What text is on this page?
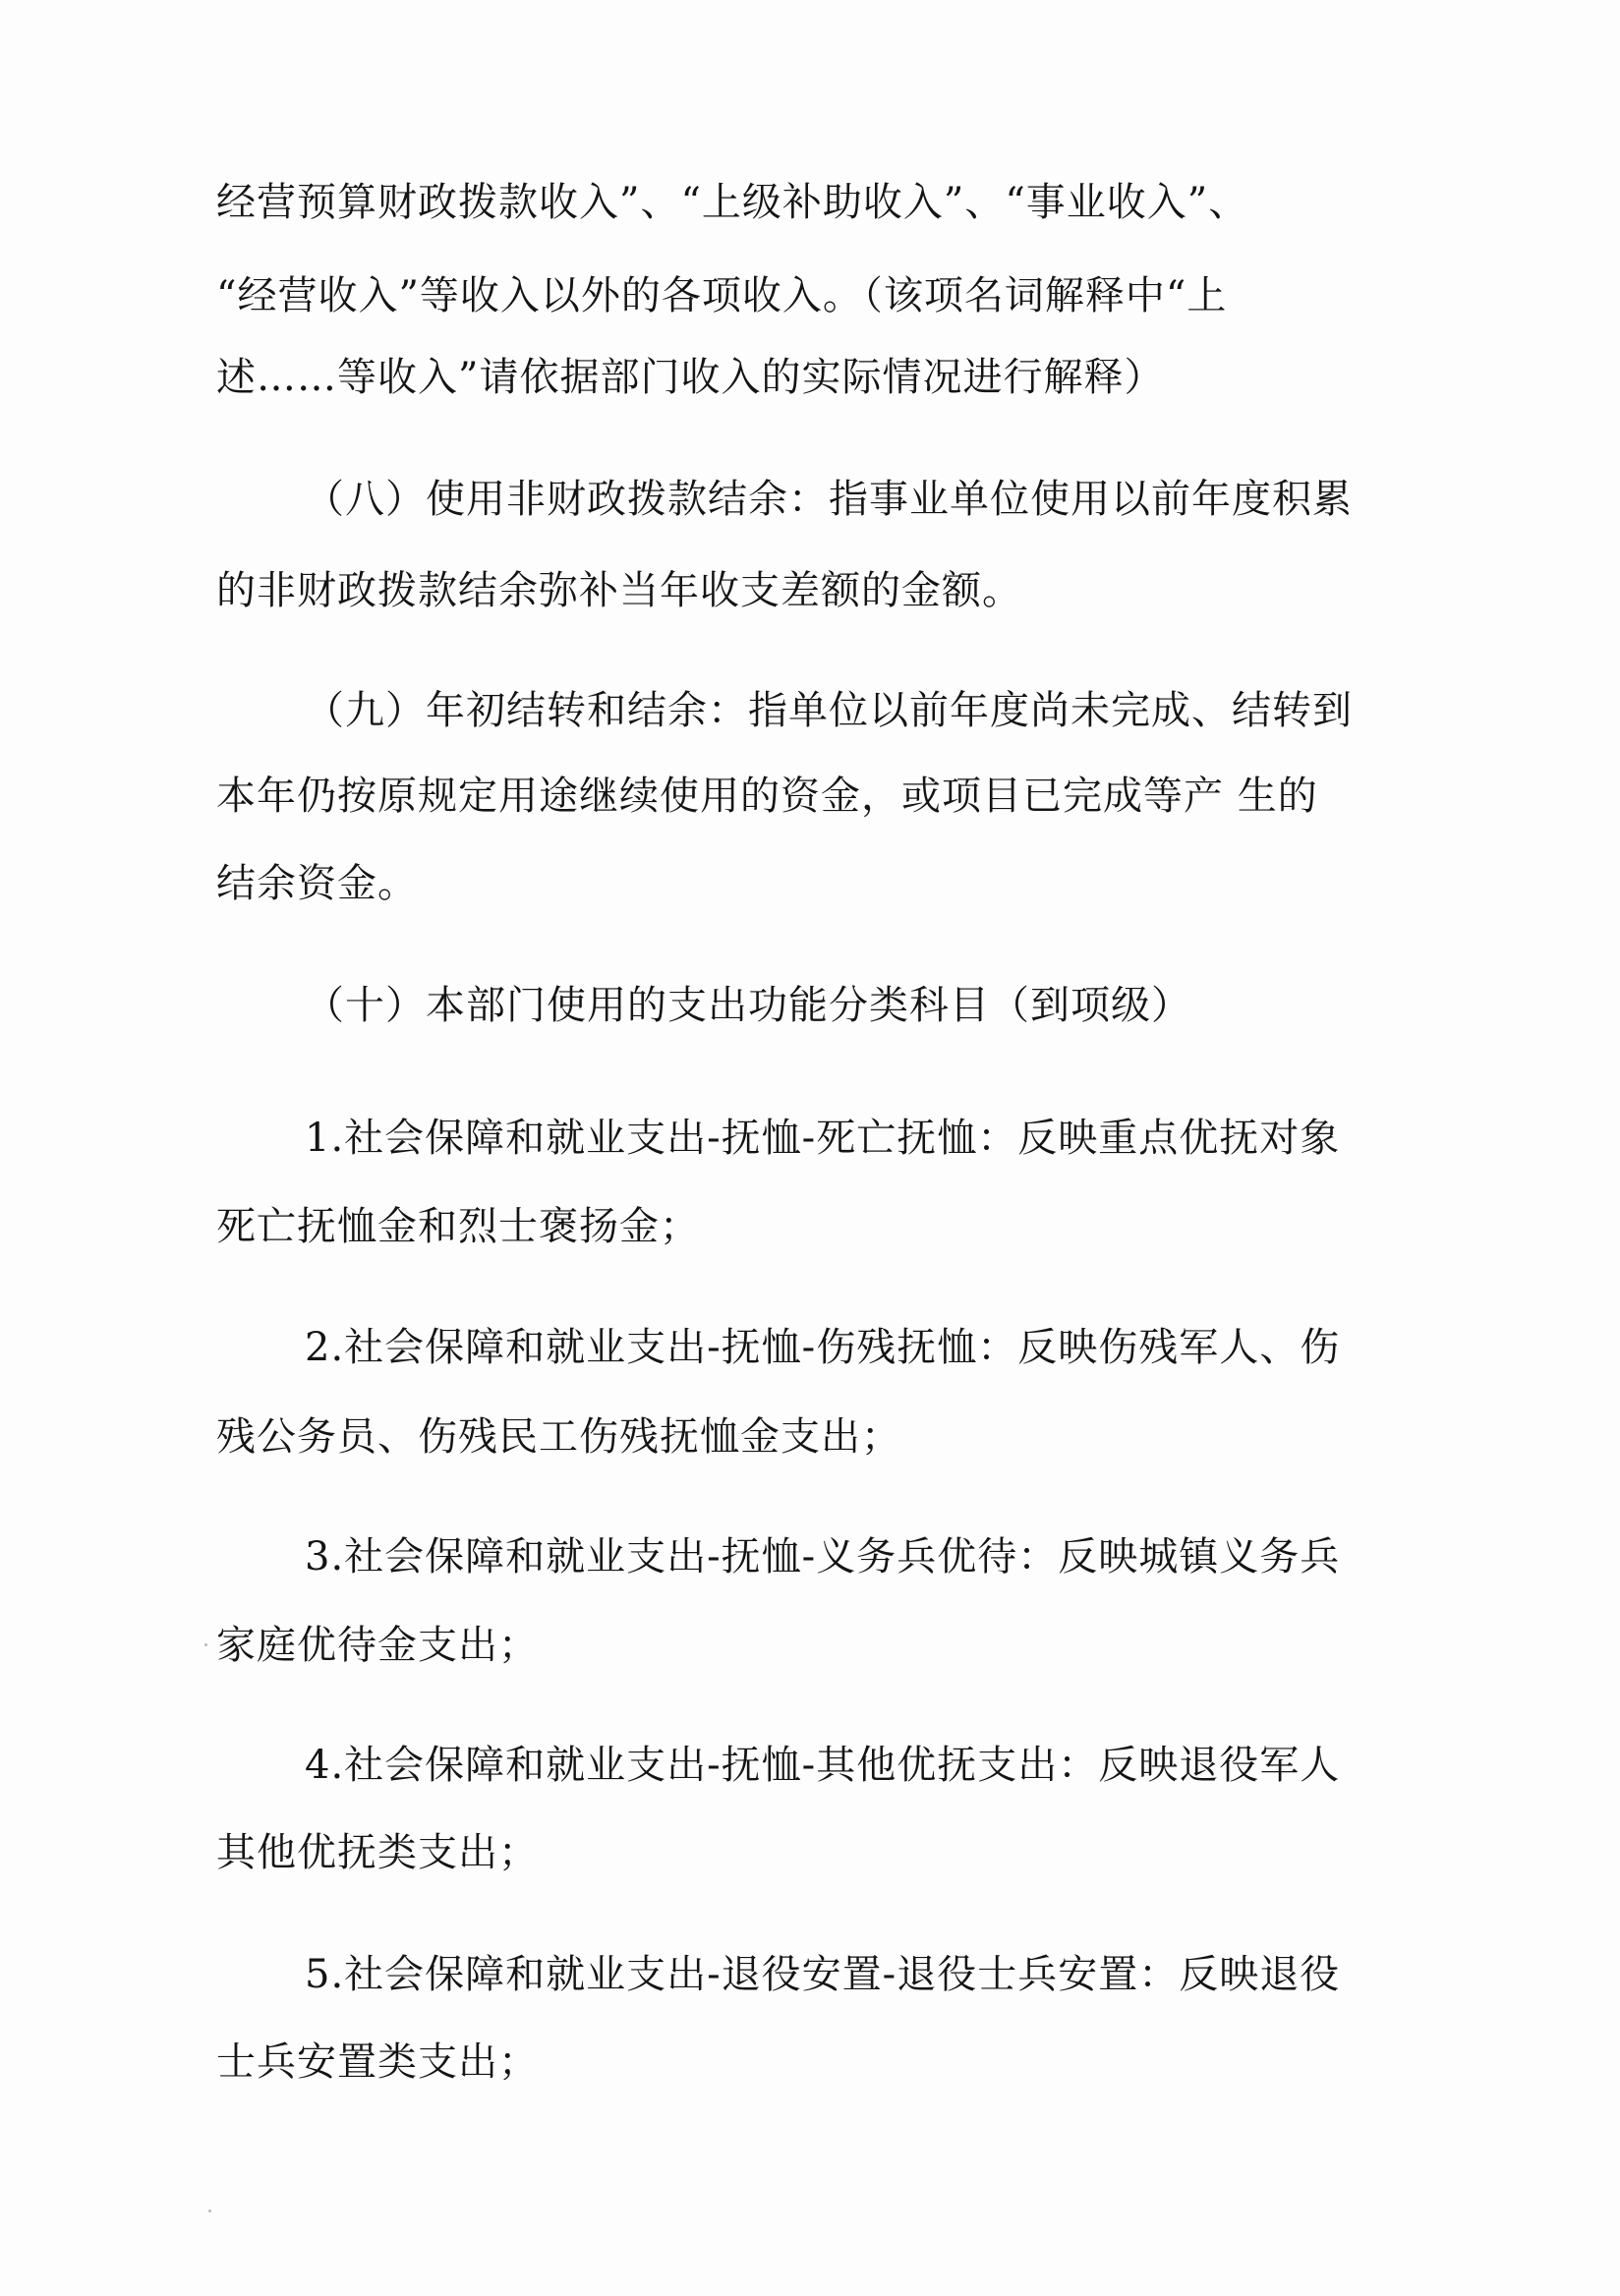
经营预算财政拨款收入”、“上级补助收入”、“事业收入”、
“经营收入”等收入以外的各项收入。（该项名词解释中“上
述……等收入”请依据部门收入的实际情况进行解释）
（八）使用非财政拨款结余：指事业单位使用以前年度积累
的非财政拨款结余弥补当年收支差额的金额。
（九）年初结转和结余：指单位以前年度尚未完成、结转到
本年仍按原规定用途继续使用的资金，或项目已完成等产 生的
结余资金。
（十）本部门使用的支出功能分类科目（到项级）
1.社会保障和就业支出-抚恤-死亡抚恤：反映重点优抚对象
死亡抚恤金和烈士褒扬金；
2.社会保障和就业支出-抚恤-伤残抚恤：反映伤残军人、伤
残公务员、伤残民工伤残抚恤金支出；
3.社会保障和就业支出-抚恤-义务兵优待：反映城镇义务兵
家庭优待金支出；
4.社会保障和就业支出-抚恤-其他优抚支出：反映退役军人
其他优抚类支出；
5.社会保障和就业支出-退役安置-退役士兵安置：反映退役
士兵安置类支出；
